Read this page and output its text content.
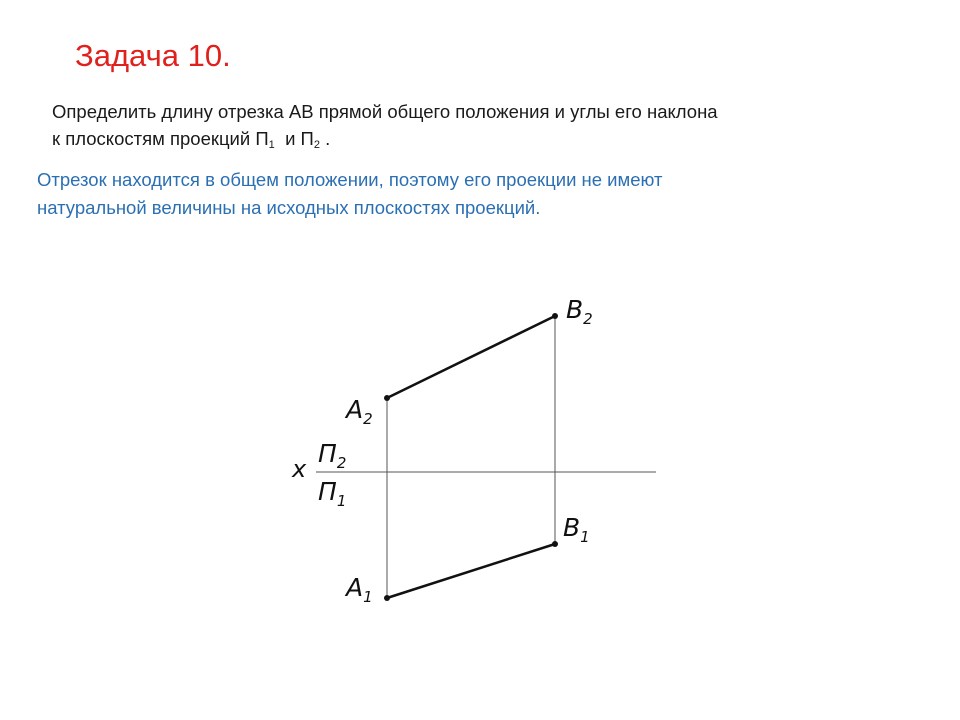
Задача 10.

Определить длину отрезка АВ прямой общего положения и углы его наклона
к плоскостям проекций $П_1$  и $П_2$ .

Отрезок находится в общем положении, поэтому его проекции не имеют
натуральной величины на исходных плоскостях проекций.

x
$П_2$
$П_1$
$A_2$
$B_2$
$B_1$
$A_1$
